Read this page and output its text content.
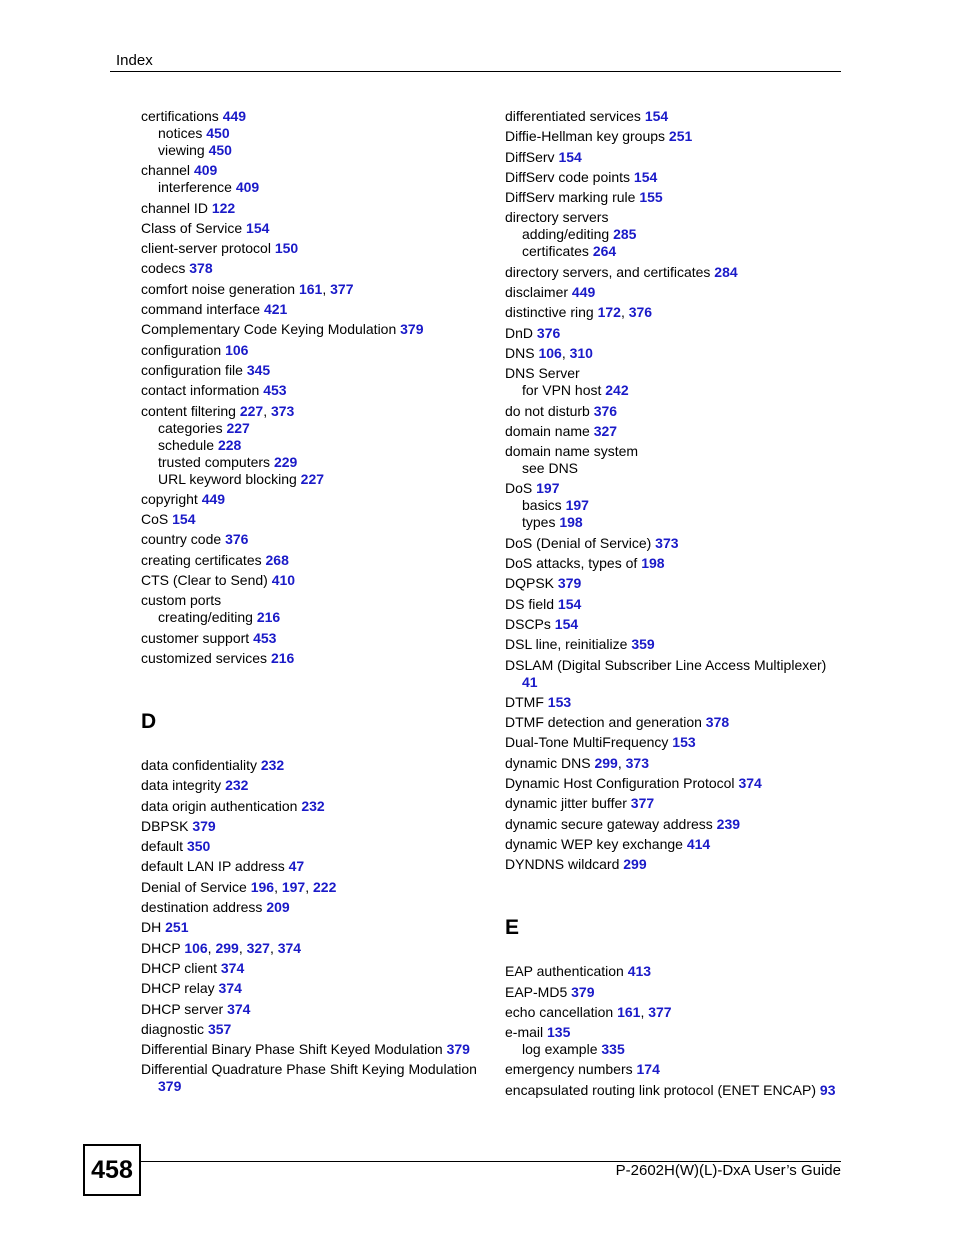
Index
certifications 449
notices 450
viewing 450
channel 409
interference 409
channel ID 122
Class of Service 154
client-server protocol 150
codecs 378
comfort noise generation 161, 377
command interface 421
Complementary Code Keying Modulation 379
configuration 106
configuration file 345
contact information 453
content filtering 227, 373
categories 227
schedule 228
trusted computers 229
URL keyword blocking 227
copyright 449
CoS 154
country code 376
creating certificates 268
CTS (Clear to Send) 410
custom ports
creating/editing 216
customer support 453
customized services 216
D
data confidentiality 232
data integrity 232
data origin authentication 232
DBPSK 379
default 350
default LAN IP address 47
Denial of Service 196, 197, 222
destination address 209
DH 251
DHCP 106, 299, 327, 374
DHCP client 374
DHCP relay 374
DHCP server 374
diagnostic 357
Differential Binary Phase Shift Keyed Modulation 379
Differential Quadrature Phase Shift Keying Modulation
379
differentiated services 154
Diffie-Hellman key groups 251
DiffServ 154
DiffServ code points 154
DiffServ marking rule 155
directory servers
adding/editing 285
certificates 264
directory servers, and certificates 284
disclaimer 449
distinctive ring 172, 376
DnD 376
DNS 106, 310
DNS Server
for VPN host 242
do not disturb 376
domain name 327
domain name system
see DNS
DoS 197
basics 197
types 198
DoS (Denial of Service) 373
DoS attacks, types of 198
DQPSK 379
DS field 154
DSCPs 154
DSL line, reinitialize 359
DSLAM (Digital Subscriber Line Access Multiplexer)
41
DTMF 153
DTMF detection and generation 378
Dual-Tone MultiFrequency 153
dynamic DNS 299, 373
Dynamic Host Configuration Protocol 374
dynamic jitter buffer 377
dynamic secure gateway address 239
dynamic WEP key exchange 414
DYNDNS wildcard 299
E
EAP authentication 413
EAP-MD5 379
echo cancellation 161, 377
e-mail 135
log example 335
emergency numbers 174
encapsulated routing link protocol (ENET ENCAP) 93
458	P-2602H(W)(L)-DxA User’s Guide
